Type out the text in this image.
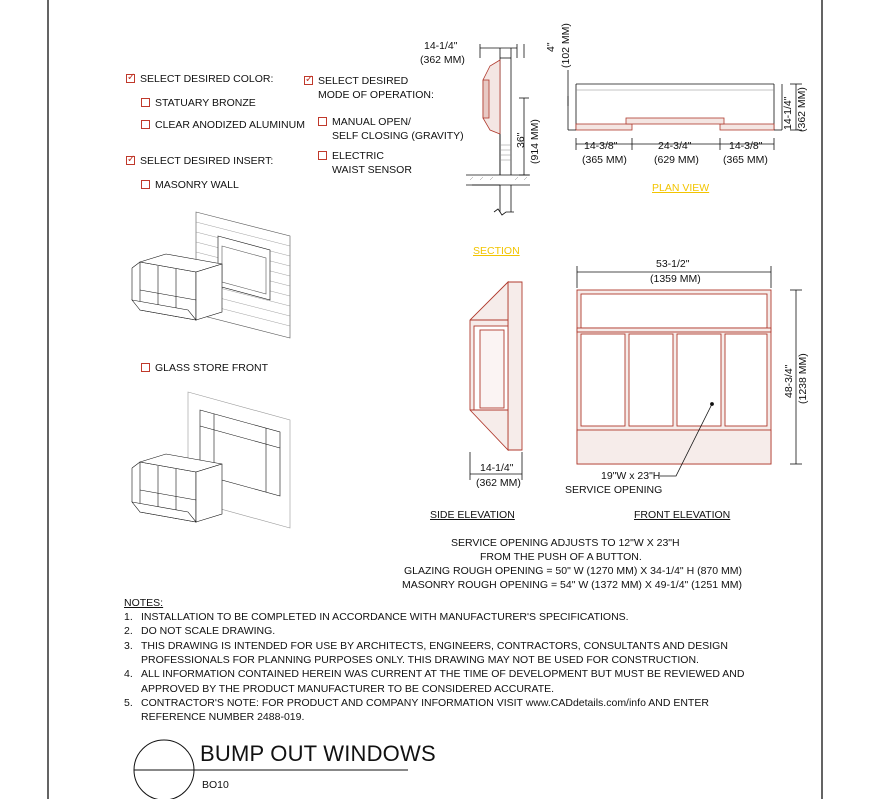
✓
SELECT DESIRED COLOR:
STATUARY BRONZE
CLEAR ANODIZED ALUMINUM
✓
SELECT DESIRED INSERT:
MASONRY WALL
GLASS STORE FRONT
✓
SELECT DESIRED
MODE OF OPERATION:
MANUAL OPEN/
SELF CLOSING (GRAVITY)
ELECTRIC
WAIST SENSOR
14-1/4"
(362 MM)
4" (102 MM)
36" (914 MM)
SECTION
14-3/8"
(365 MM)
24-3/4"
(629 MM)
14-3/8"
(365 MM)
14-1/4" (362 MM)
PLAN VIEW
14-1/4"
(362 MM)
SIDE ELEVATION
53-1/2"
(1359 MM)
48-3/4" (1238 MM)
19"W x 23"H
SERVICE OPENING
FRONT ELEVATION
SERVICE OPENING ADJUSTS TO 12"W X 23"H
FROM THE PUSH OF A BUTTON.
GLAZING ROUGH OPENING = 50" W (1270 MM) X 34-1/4" H (870 MM)
MASONRY ROUGH OPENING = 54" W (1372 MM) X 49-1/4" (1251 MM)
NOTES:
1. INSTALLATION TO BE COMPLETED IN ACCORDANCE WITH MANUFACTURER'S SPECIFICATIONS.
2. DO NOT SCALE DRAWING.
3. THIS DRAWING IS INTENDED FOR USE BY ARCHITECTS, ENGINEERS, CONTRACTORS, CONSULTANTS AND DESIGN
PROFESSIONALS FOR PLANNING PURPOSES ONLY. THIS DRAWING MAY NOT BE USED FOR CONSTRUCTION.
4. ALL INFORMATION CONTAINED HEREIN WAS CURRENT AT THE TIME OF DEVELOPMENT BUT MUST BE REVIEWED AND
APPROVED BY THE PRODUCT MANUFACTURER TO BE CONSIDERED ACCURATE.
5. CONTRACTOR'S NOTE: FOR PRODUCT AND COMPANY INFORMATION VISIT www.CADdetails.com/info AND ENTER
REFERENCE NUMBER 2488-019.
BUMP OUT WINDOWS
BO10
